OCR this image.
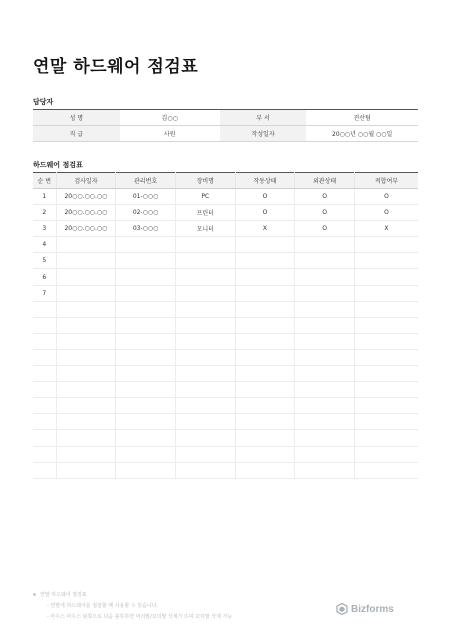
연말 하드웨어 점검표
담당자
성 명	김○○	부 서	전산팀
직 급	사원	작성일자	20○○년 ○○월 ○○일
하드웨어 점검표
순 번	검사일자	관리번호	장비명	작동상태	외관상태	적합여부
1	20○○.○○.○○	01-○○○	PC	O	O	O
2	20○○.○○.○○	02-○○○	프린터	O	O	O
3	20○○.○○.○○	03-○○○	모니터	X	O	X
4						
5						
6						
7						

연말 하드웨어 점검표
- 연말에 하드웨어를 점검할 때 사용할 수 있습니다.
- 마우스 마우스 왼쪽으로 다음 블록하면 머리말/꼬리말 삭제가 뜨며 꼬리말 삭제 가능
Bizforms
